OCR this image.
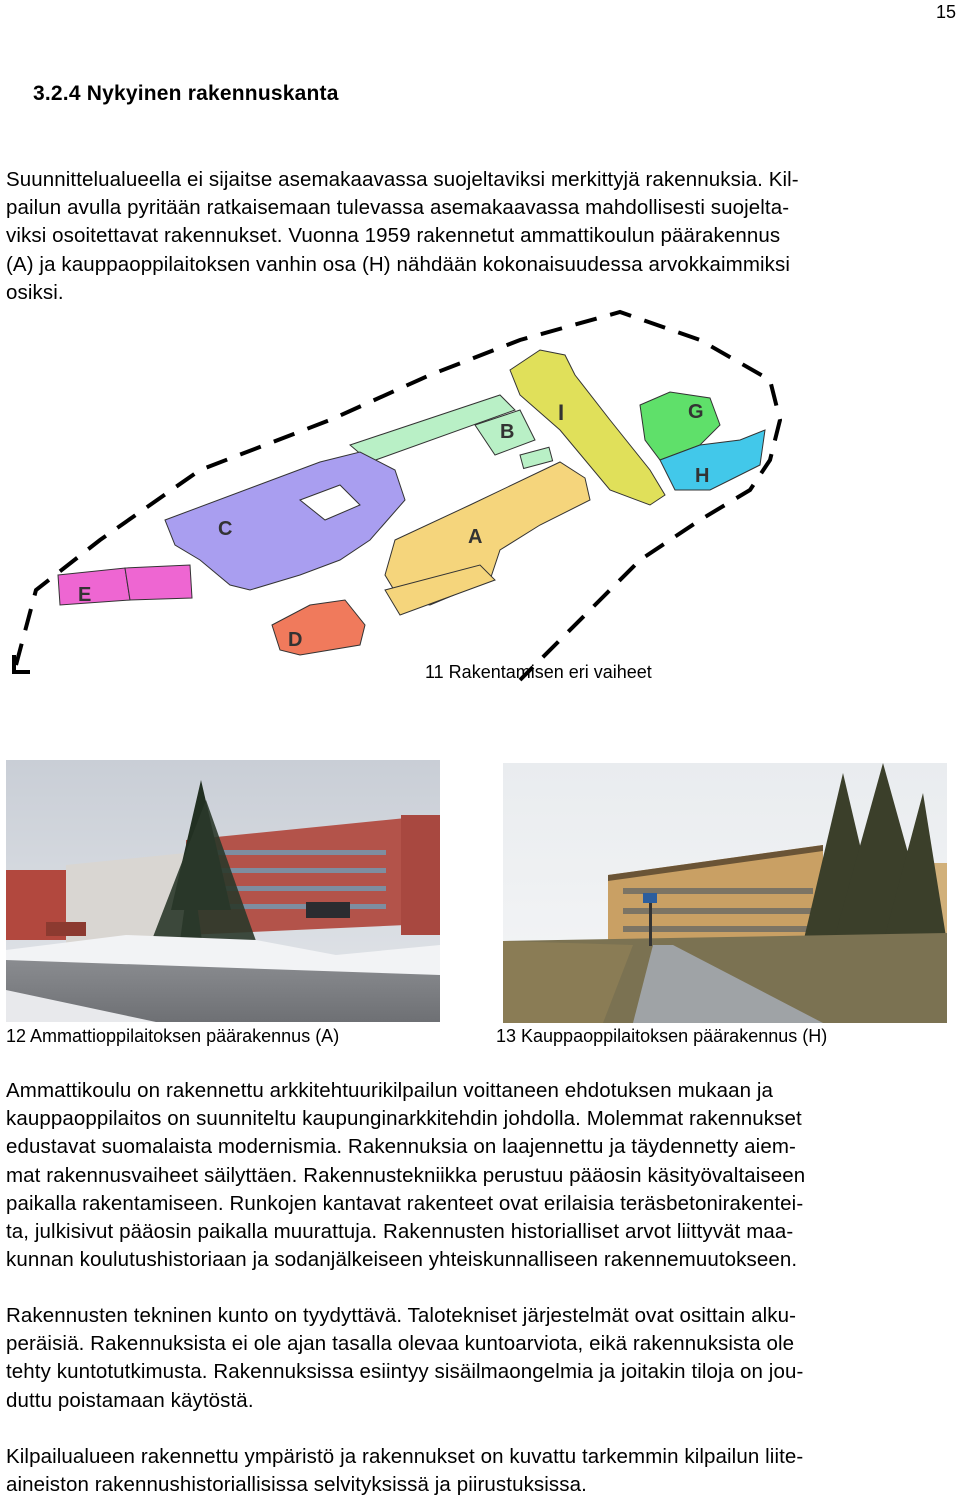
15
3.2.4 Nykyinen rakennuskanta
Suunnittelualueella ei sijaitse asemakaavassa suojeltaviksi merkittyjä rakennuksia. Kil-
pailun avulla pyritään ratkaisemaan tulevassa asemakaavassa mahdollisesti suojelta-
viksi osoitettavat rakennukset. Vuonna 1959 rakennetut ammattikoulun päärakennus
(A) ja kauppaoppilaitoksen vanhin osa (H) nähdään kokonaisuudessa arvokkaimmiksi
osiksi.
B
C
E
D
A
I	G
H
11 Rakentamisen eri vaiheet
12 Ammattioppilaitoksen päärakennus (A)	13 Kauppaoppilaitoksen päärakennus (H)
Ammattikoulu on rakennettu arkkitehtuurikilpailun voittaneen ehdotuksen mukaan ja
kauppaoppilaitos on suunniteltu kaupunginarkkitehdin johdolla. Molemmat rakennukset
edustavat suomalaista modernismia. Rakennuksia on laajennettu ja täydennetty aiem-
mat rakennusvaiheet säilyttäen. Rakennustekniikka perustuu pääosin käsityövaltaiseen
paikalla rakentamiseen. Runkojen kantavat rakenteet ovat erilaisia teräsbetonirakentei-
ta, julkisivut pääosin paikalla muurattuja. Rakennusten historialliset arvot liittyvät maa-
kunnan koulutushistoriaan ja sodanjälkeiseen yhteiskunnalliseen rakennemuutokseen.
Rakennusten tekninen kunto on tyydyttävä. Talotekniset järjestelmät ovat osittain alku-
peräisiä. Rakennuksista ei ole ajan tasalla olevaa kuntoarviota, eikä rakennuksista ole
tehty kuntotutkimusta. Rakennuksissa esiintyy sisäilmaongelmia ja joitakin tiloja on jou-
duttu poistamaan käytöstä.
Kilpailualueen rakennettu ympäristö ja rakennukset on kuvattu tarkemmin kilpailun liite-
aineiston rakennushistoriallisissa selvityksissä ja piirustuksissa.
